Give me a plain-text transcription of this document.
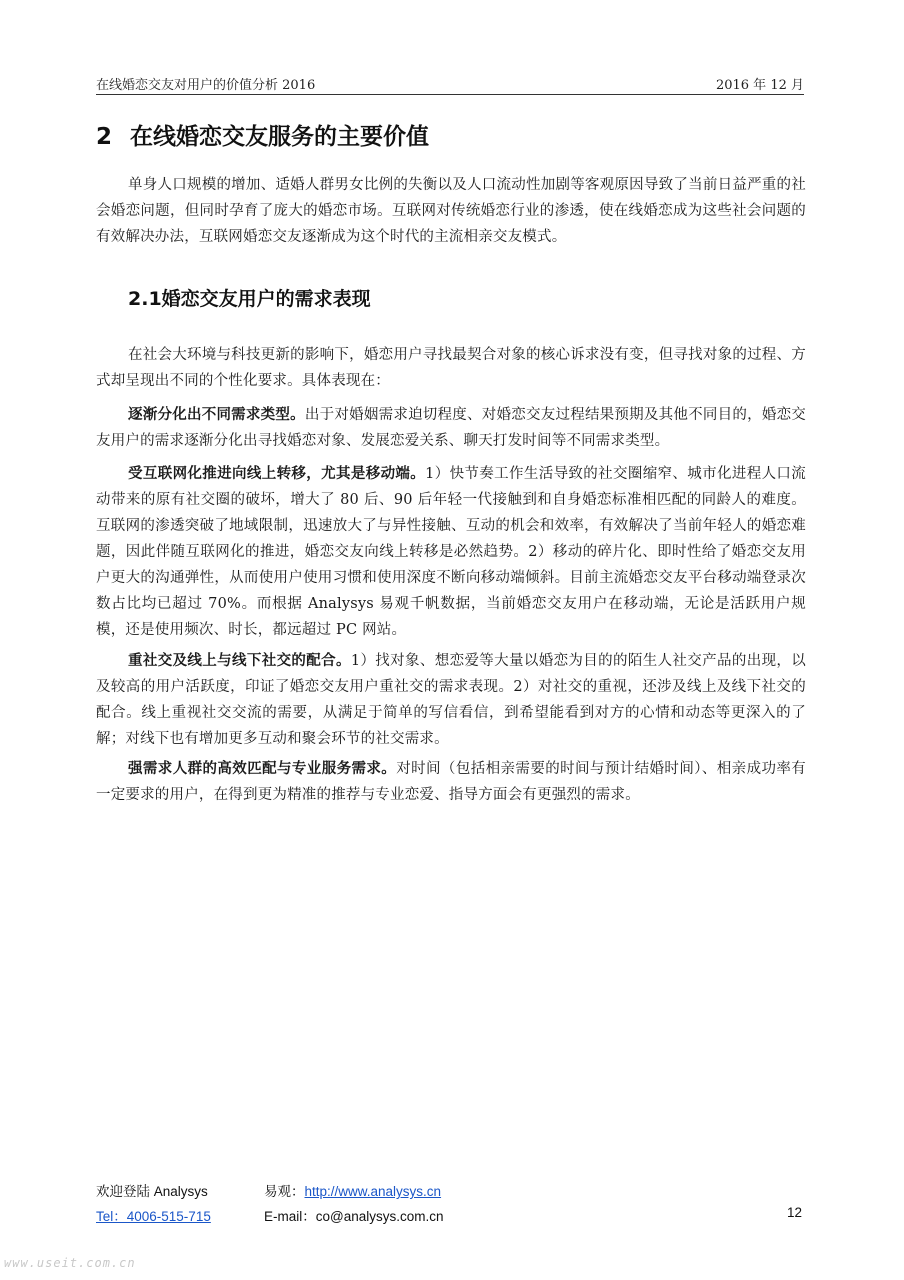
在线婚恋交友对用户的价值分析 2016	2016 年 12 月
2 在线婚恋交友服务的主要价值

单身人口规模的增加、适婚人群男女比例的失衡以及人口流动性加剧等客观原因导致了当前日益严重的社会婚恋问题，但同时孕育了庞大的婚恋市场。互联网对传统婚恋行业的渗透，使在线婚恋成为这些社会问题的有效解决办法，互联网婚恋交友逐渐成为这个时代的主流相亲交友模式。

2.1婚恋交友用户的需求表现

在社会大环境与科技更新的影响下，婚恋用户寻找最契合对象的核心诉求没有变，但寻找对象的过程、方式却呈现出不同的个性化要求。具体表现在：

逐渐分化出不同需求类型。出于对婚姻需求迫切程度、对婚恋交友过程结果预期及其他不同目的，婚恋交友用户的需求逐渐分化出寻找婚恋对象、发展恋爱关系、聊天打发时间等不同需求类型。

受互联网化推进向线上转移，尤其是移动端。1）快节奏工作生活导致的社交圈缩窄、城市化进程人口流动带来的原有社交圈的破坏，增大了 80 后、90 后年轻一代接触到和自身婚恋标准相匹配的同龄人的难度。互联网的渗透突破了地域限制，迅速放大了与异性接触、互动的机会和效率，有效解决了当前年轻人的婚恋难题，因此伴随互联网化的推进，婚恋交友向线上转移是必然趋势。2）移动的碎片化、即时性给了婚恋交友用户更大的沟通弹性，从而使用户使用习惯和使用深度不断向移动端倾斜。目前主流婚恋交友平台移动端登录次数占比均已超过 70%。而根据 Analysys 易观千帆数据，当前婚恋交友用户在移动端，无论是活跃用户规模，还是使用频次、时长，都远超过 PC 网站。

重社交及线上与线下社交的配合。1）找对象、想恋爱等大量以婚恋为目的的陌生人社交产品的出现，以及较高的用户活跃度，印证了婚恋交友用户重社交的需求表现。2）对社交的重视，还涉及线上及线下社交的配合。线上重视社交交流的需要，从满足于简单的写信看信，到希望能看到对方的心情和动态等更深入的了解；对线下也有增加更多互动和聚会环节的社交需求。

强需求人群的高效匹配与专业服务需求。对时间（包括相亲需要的时间与预计结婚时间）、相亲成功率有一定要求的用户，在得到更为精准的推荐与专业恋爱、指导方面会有更强烈的需求。

欢迎登陆 Analysys	易观：http://www.analysys.cn
Tel：4006-515-715	E-mail：co@analysys.com.cn	12
www.useit.com.cn
